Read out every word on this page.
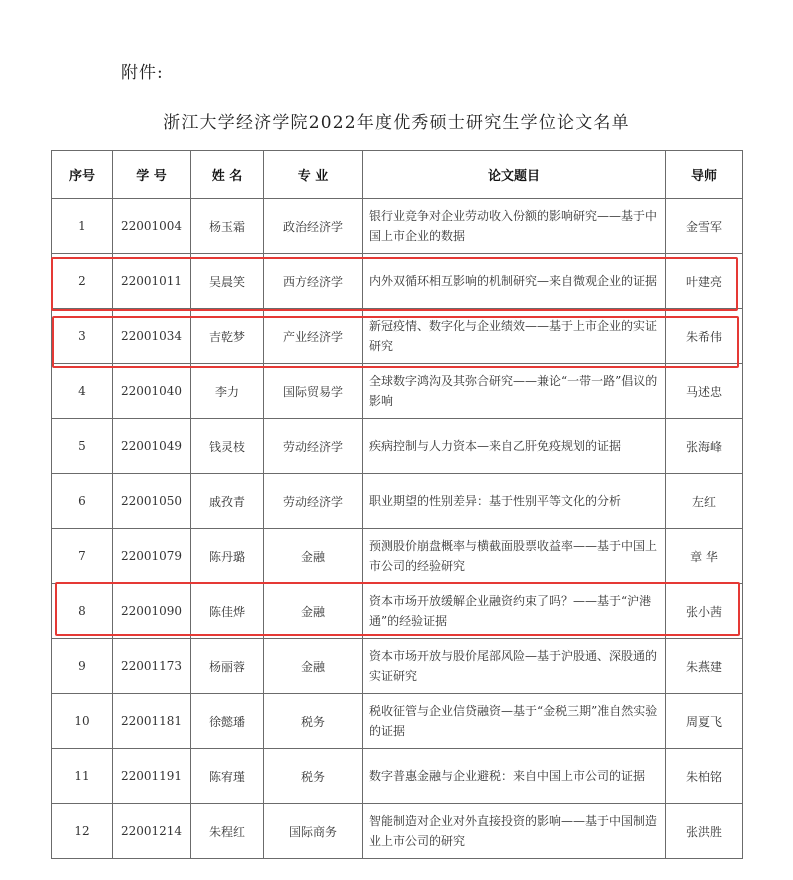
附件:
浙江大学经济学院2022年度优秀硕士研究生学位论文名单
序号	学 号	姓 名	专 业	论文题目	导师
1	22001004	杨玉霜	政治经济学	银行业竞争对企业劳动收入份额的影响研究——基于中国上市企业的数据	金雪军
2	22001011	吴晨笑	西方经济学	内外双循环相互影响的机制研究—来自微观企业的证据	叶建亮
3	22001034	吉乾梦	产业经济学	新冠疫情、数字化与企业绩效——基于上市企业的实证研究	朱希伟
4	22001040	李力	国际贸易学	全球数字鸿沟及其弥合研究——兼论“一带一路”倡议的影响	马述忠
5	22001049	钱灵枝	劳动经济学	疾病控制与人力资本—来自乙肝免疫规划的证据	张海峰
6	22001050	戚孜青	劳动经济学	职业期望的性别差异：基于性别平等文化的分析	左红
7	22001079	陈丹璐	金融	预测股价崩盘概率与横截面股票收益率——基于中国上市公司的经验研究	章 华
8	22001090	陈佳烨	金融	资本市场开放缓解企业融资约束了吗？——基于“沪港通”的经验证据	张小茜
9	22001173	杨丽蓉	金融	资本市场开放与股价尾部风险—基于沪股通、深股通的实证研究	朱燕建
10	22001181	徐懿璠	税务	税收征管与企业信贷融资—基于“金税三期”准自然实验的证据	周夏飞
11	22001191	陈宥瑾	税务	数字普惠金融与企业避税：来自中国上市公司的证据	朱柏铭
12	22001214	朱程红	国际商务	智能制造对企业对外直接投资的影响——基于中国制造业上市公司的研究	张洪胜
